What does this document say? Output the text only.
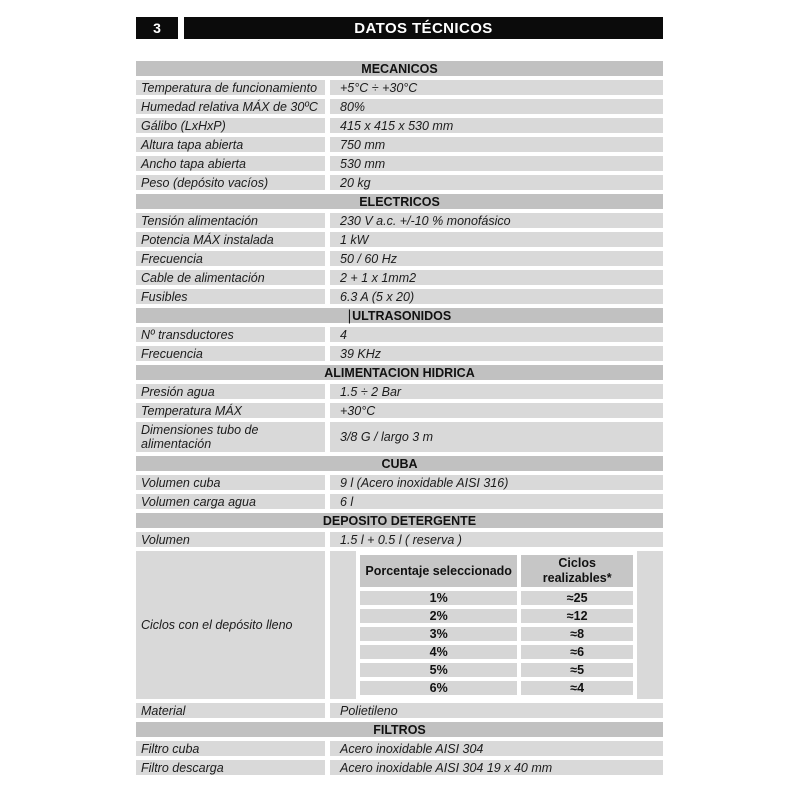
3	DATOS TÉCNICOS
MECANICOS
Temperatura de funcionamiento	+5°C ÷ +30°C
Humedad relativa MÁX de 30ºC	80%
Gálibo (LxHxP)	415 x 415 x 530 mm
Altura tapa abierta	750 mm
Ancho tapa abierta	530 mm
Peso (depósito vacíos)	20 kg
ELECTRICOS
Tensión alimentación	230 V a.c. +/-10 % monofásico
Potencia MÁX instalada	1 kW
Frecuencia	50 / 60 Hz
Cable de alimentación	2 + 1 x 1mm2
Fusibles	6.3 A (5 x 20)
| ULTRASONIDOS
Nº transductores	4
Frecuencia	39 KHz
ALIMENTACION HIDRICA
Presión agua	1.5 ÷ 2 Bar
Temperatura MÁX	+30°C
Dimensiones tubo de alimentación	3/8 G / largo 3 m
CUBA
Volumen cuba	9 l (Acero inoxidable AISI 316)
Volumen carga agua	6 l
DEPOSITO DETERGENTE
Volumen	1.5 l + 0.5 l ( reserva )
Ciclos con el depósito lleno
Porcentaje seleccionado	Ciclos realizables*
1%	≈25
2%	≈12
3%	≈8
4%	≈6
5%	≈5
6%	≈4
Material	Polietileno
FILTROS
Filtro cuba	Acero inoxidable AISI 304
Filtro descarga	Acero inoxidable AISI 304 19 x 40 mm
